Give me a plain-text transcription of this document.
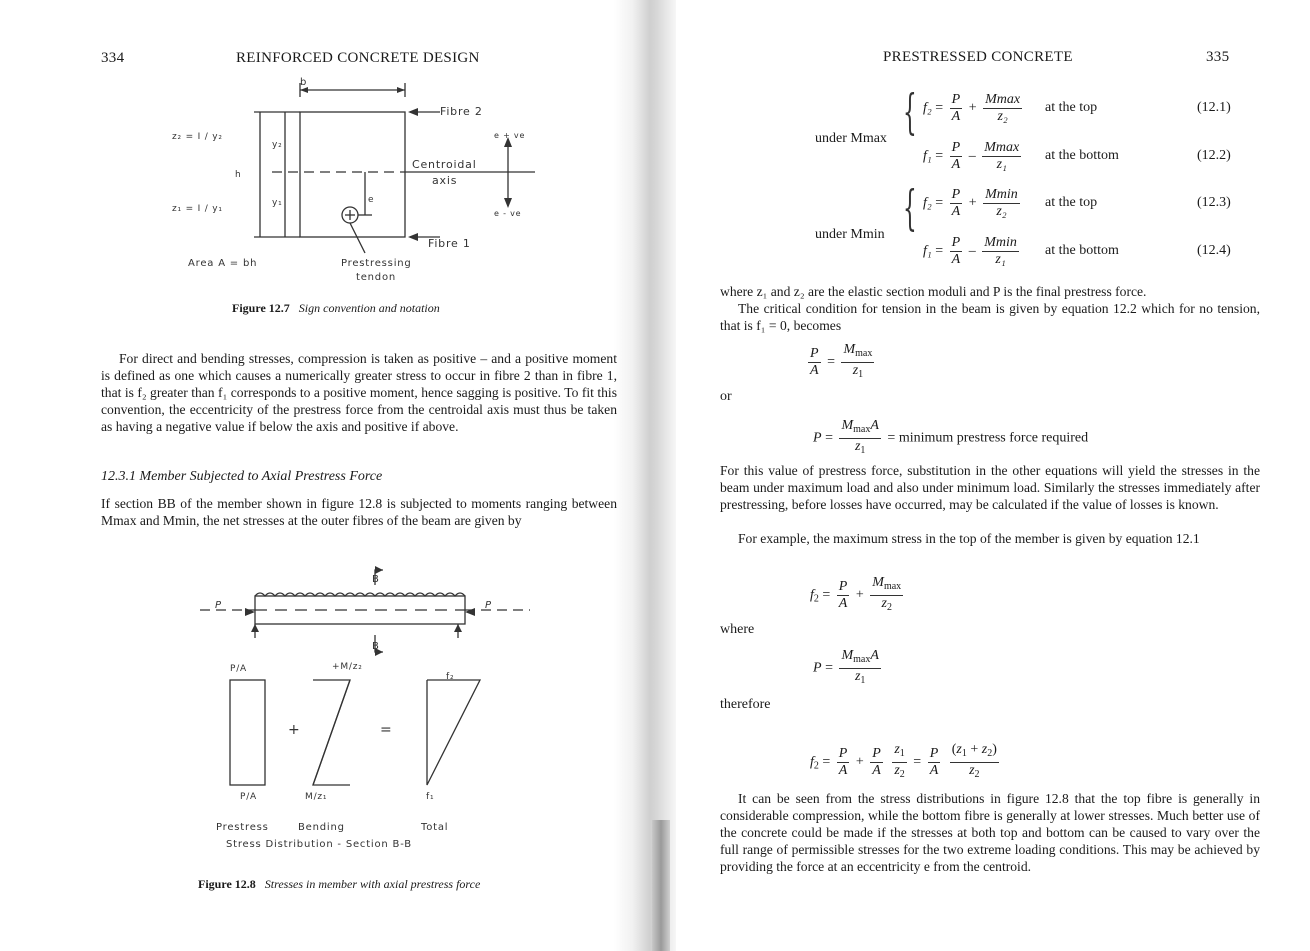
334	REINFORCED CONCRETE DESIGN
b
Fibre 2
Fibre 1
Centroidal
axis
e + ve
e - ve
z₂ = I / y₂
z₁ = I / y₁
y₂
y₁
h
e
Area A = bh	Prestressing
tendon
Figure 12.7 Sign convention and notation

For direct and bending stresses, compression is taken as positive – and a positive moment is defined as one which causes a numerically greater stress to occur in fibre 2 than in fibre 1, that is f₂ greater than f₁ corresponds to a positive moment, hence sagging is positive. To fit this convention, the eccentricity of the prestress force from the centroidal axis must thus be taken as having a negative value if below the axis and positive if above.

12.3.1 Member Subjected to Axial Prestress Force

If section BB of the member shown in figure 12.8 is subjected to moments ranging between Mmax and Mmin, the net stresses at the outer fibres of the beam are given by

B
B
P	P
P/A	+M/z₂
f₂
+	=
P/A	M/z₁	f₁
Prestress	Bending	Total
Stress Distribution - Section B-B
Figure 12.8 Stresses in member with axial prestress force
PRESTRESSED CONCRETE	335
under Mmax
under Mmin
{
{
$f_2 = \frac{P}{A} + \frac{Mmax}{\text{z₂}}$ at the top	(12.1)
$f_1 = \frac{P}{A} - \frac{Mmax}{\text{z₁}}$ at the bottom	(12.2)
$f_2 = \frac{P}{A} + \frac{Mmin}{\text{z₂}}$ at the top	(12.3)
$f_1 = \frac{P}{A} - \frac{Mmin}{\text{z₁}}$ at the bottom	(12.4)

where z₁ and z₂ are the elastic section moduli and P is the final prestress force.

The critical condition for tension in the beam is given by equation 12.2 which for no tension, that is f₁ = 0, becomes

$\frac{P}{A} = \frac{M_{max}}{z_1}$
or
$P = \frac{M_{max}A}{z_1}$ = minimum prestress force required

For this value of prestress force, substitution in the other equations will yield the stresses in the beam under maximum load and also under minimum load. Similarly the stresses immediately after prestressing, before losses have occurred, may be calculated if the value of losses is known.

For example, the maximum stress in the top of the member is given by equation 12.1

$f_2 = \frac{P}{A} + \frac{M_{max}}{z_2}$
where
$P = \frac{M_{max}A}{z_1}$
therefore
$f_2 = \frac{P}{A} + \frac{P}{A}$
$\frac{z_1}{z_2} = \frac{P}{A}$
$\frac{(z_1 + z_2)}{z_2}$

It can be seen from the stress distributions in figure 12.8 that the top fibre is generally in considerable compression, while the bottom fibre is generally at lower stresses. Much better use of the concrete could be made if the stresses at both top and bottom can be caused to vary over the full range of permissible stresses for the two extreme loading conditions. This may be achieved by providing the force at an eccentricity e from the centroid.
